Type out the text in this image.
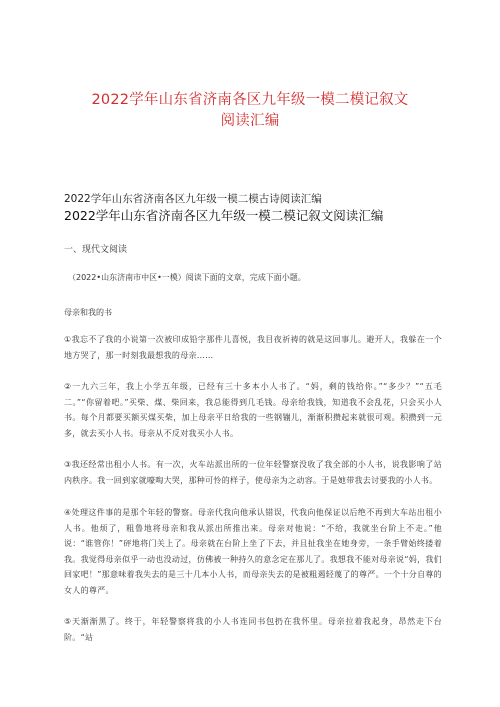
2022学年山东省济南各区九年级一模二模记叙文
阅读汇编
2022学年山东省济南各区九年级一模二模古诗阅读汇编
2022学年山东省济南各区九年级一模二模记叙文阅读汇编
一、现代文阅读
（2022•山东济南市中区•一模）阅读下面的文章，完成下面小题。
母亲和我的书
①我忘不了我的小说第一次被印成铅字那件儿喜悦，我目夜祈祷的就是这回事儿。避开人，我躲在一个地方哭了，那一时刻我最想我的母亲……
②一九六三年，我上小学五年级，已经有三十多本小人书了。“妈，剩的钱给你。”“多少？”“五毛二。”“你留着吧。”买柴、煤、柴回来，我总能得到几毛钱。母亲给我钱，知道我不会乱花，只会买小人书。每个月都要买额买煤买柴，加上母亲平日给我的一些钢镚儿，渐渐积攒起来就很可观。积攒到一元多，就去买小人书。母亲从不反对我买小人书。
③我还经常出租小人书。有一次，火车站派出所的一位年轻警察没收了我全部的小人书，说我影响了站内秩序。我一回到家就嚎啕大哭，那种可怜的样子，使母亲为之动容。于是她带我去讨要我的小人书。
④处理这件事的是那个年轻的警察。母亲代我向他承认错误，代我向他保证以后绝不再到大车站出租小人书。他烦了，粗鲁地将母亲和我从派出所推出来。母亲对他说：“不给，我就坐台阶上不走。”他说：“谁管你！”砰地将门关上了。母亲就在台阶上坐了下去，并且扯我坐在她身旁，一条手臂始终搂着我。我觉得母亲似乎一动也没动过，仿佛被一种持久的意念定在那儿了。我想我不能对母亲说“妈，我们回家吧！”那意味着我失去的是三十几本小人书，而母亲失去的是被粗遏轻蔑了的尊严。一个十分自尊的女人的尊严。
⑤天渐渐黑了。终于，年轻警察将我的小人书连同书包扔在我怀里。母亲拉着我起身，昂然走下台阶。“站
